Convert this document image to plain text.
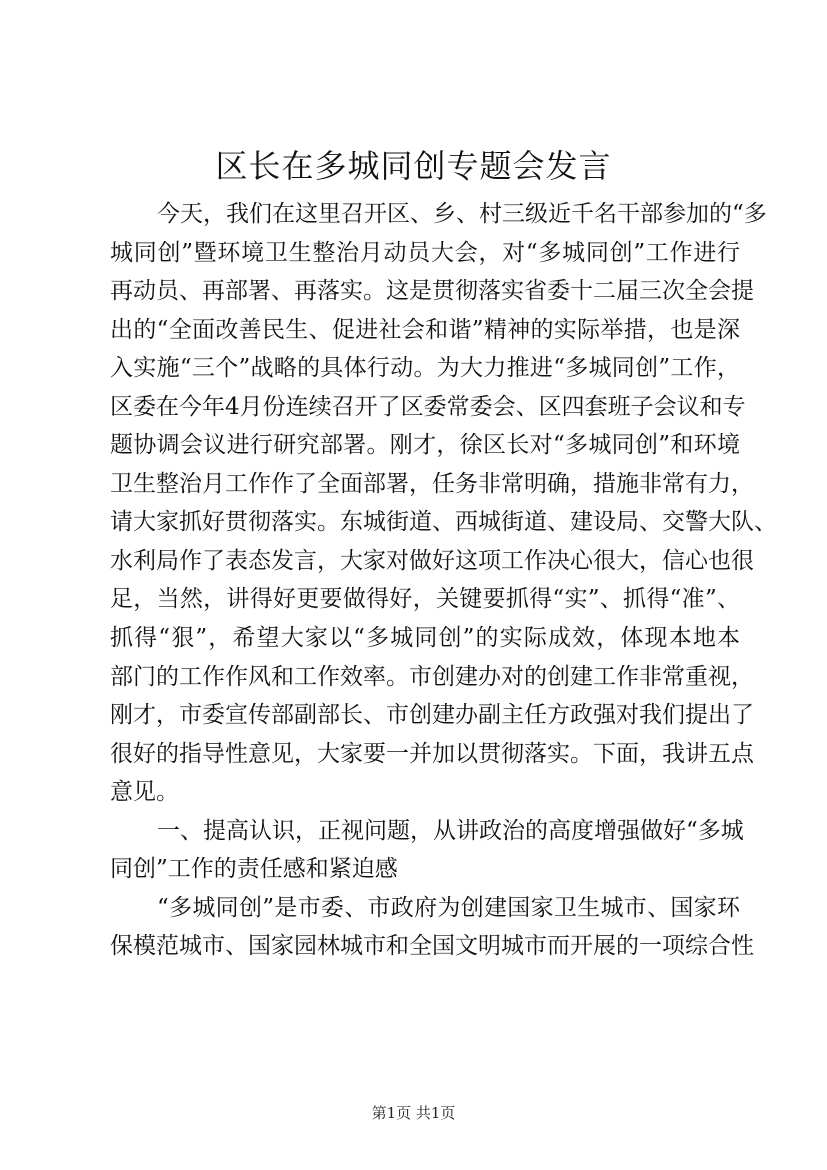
区长在多城同创专题会发言
今天，我们在这里召开区、乡、村三级近千名干部参加的“多
城同创”暨环境卫生整治月动员大会，对“多城同创”工作进行
再动员、再部署、再落实。这是贯彻落实省委十二届三次全会提
出的“全面改善民生、促进社会和谐”精神的实际举措，也是深
入实施“三个”战略的具体行动。为大力推进“多城同创”工作，
区委在今年4月份连续召开了区委常委会、区四套班子会议和专
题协调会议进行研究部署。刚才，徐区长对“多城同创”和环境
卫生整治月工作作了全面部署，任务非常明确，措施非常有力，
请大家抓好贯彻落实。东城街道、西城街道、建设局、交警大队、
水利局作了表态发言，大家对做好这项工作决心很大，信心也很
足，当然，讲得好更要做得好，关键要抓得“实”、抓得“准”、
抓得“狠”，希望大家以“多城同创”的实际成效，体现本地本
部门的工作作风和工作效率。市创建办对的创建工作非常重视，
刚才，市委宣传部副部长、市创建办副主任方政强对我们提出了
很好的指导性意见，大家要一并加以贯彻落实。下面，我讲五点
意见。
一、提高认识，正视问题，从讲政治的高度增强做好“多城
同创”工作的责任感和紧迫感
“多城同创”是市委、市政府为创建国家卫生城市、国家环
保模范城市、国家园林城市和全国文明城市而开展的一项综合性
第1页 共1页
